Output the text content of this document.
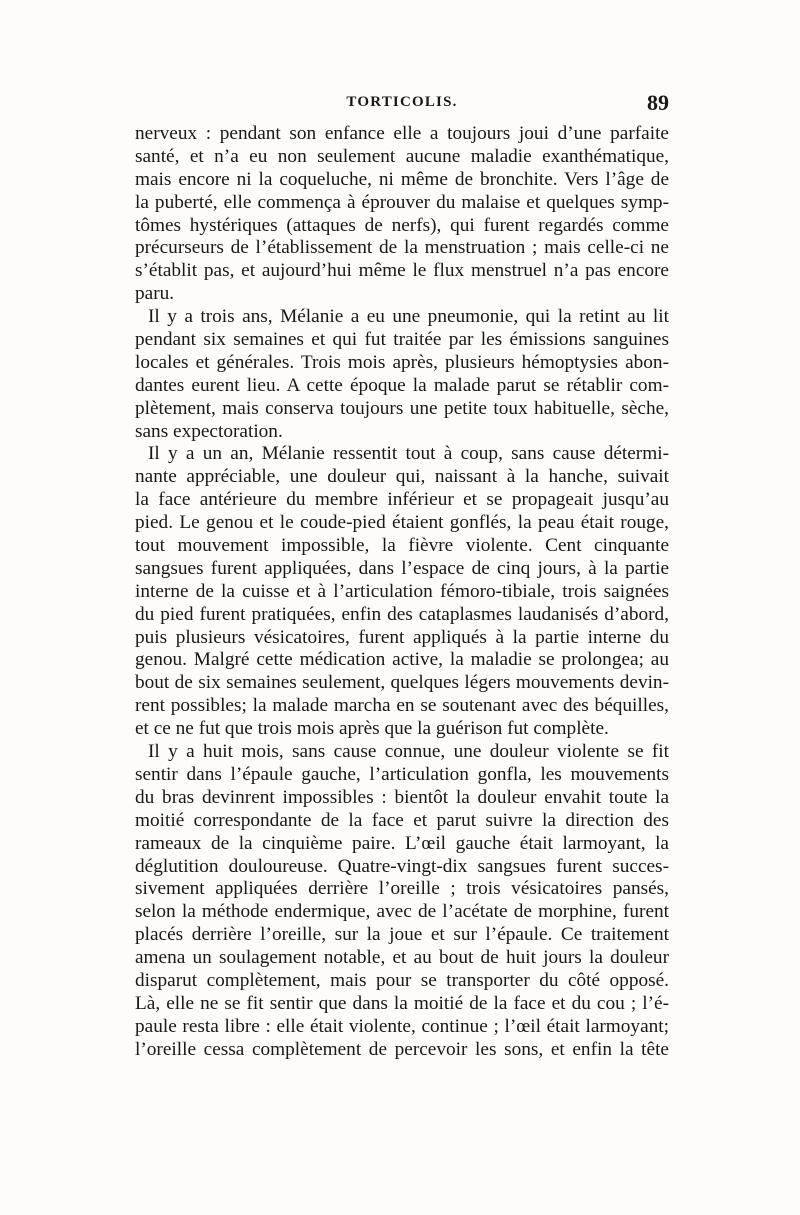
TORTICOLIS.	89
nerveux : pendant son enfance elle a toujours joui d’une parfaite
santé, et n’a eu non seulement aucune maladie exanthématique,
mais encore ni la coqueluche, ni même de bronchite. Vers l’âge de
la puberté, elle commença à éprouver du malaise et quelques symp-
tômes hystériques (attaques de nerfs), qui furent regardés comme
précurseurs de l’établissement de la menstruation ; mais celle-ci ne
s’établit pas, et aujourd’hui même le flux menstruel n’a pas encore
paru.
Il y a trois ans, Mélanie a eu une pneumonie, qui la retint au lit
pendant six semaines et qui fut traitée par les émissions sanguines
locales et générales. Trois mois après, plusieurs hémoptysies abon-
dantes eurent lieu. A cette époque la malade parut se rétablir com-
plètement, mais conserva toujours une petite toux habituelle, sèche,
sans expectoration.
Il y a un an, Mélanie ressentit tout à coup, sans cause détermi-
nante appréciable, une douleur qui, naissant à la hanche, suivait
la face antérieure du membre inférieur et se propageait jusqu’au
pied. Le genou et le coude-pied étaient gonflés, la peau était rouge,
tout mouvement impossible, la fièvre violente. Cent cinquante
sangsues furent appliquées, dans l’espace de cinq jours, à la partie
interne de la cuisse et à l’articulation fémoro-tibiale, trois saignées
du pied furent pratiquées, enfin des cataplasmes laudanisés d’abord,
puis plusieurs vésicatoires, furent appliqués à la partie interne du
genou. Malgré cette médication active, la maladie se prolongea; au
bout de six semaines seulement, quelques légers mouvements devin-
rent possibles; la malade marcha en se soutenant avec des béquilles,
et ce ne fut que trois mois après que la guérison fut complète.
Il y a huit mois, sans cause connue, une douleur violente se fit
sentir dans l’épaule gauche, l’articulation gonfla, les mouvements
du bras devinrent impossibles : bientôt la douleur envahit toute la
moitié correspondante de la face et parut suivre la direction des
rameaux de la cinquième paire. L’œil gauche était larmoyant, la
déglutition douloureuse. Quatre-vingt-dix sangsues furent succes-
sivement appliquées derrière l’oreille ; trois vésicatoires pansés,
selon la méthode endermique, avec de l’acétate de morphine, furent
placés derrière l’oreille, sur la joue et sur l’épaule. Ce traitement
amena un soulagement notable, et au bout de huit jours la douleur
disparut complètement, mais pour se transporter du côté opposé.
Là, elle ne se fit sentir que dans la moitié de la face et du cou ; l’é-
paule resta libre : elle était violente, continue ; l’œil était larmoyant;
l’oreille cessa complètement de percevoir les sons, et enfin la tête
